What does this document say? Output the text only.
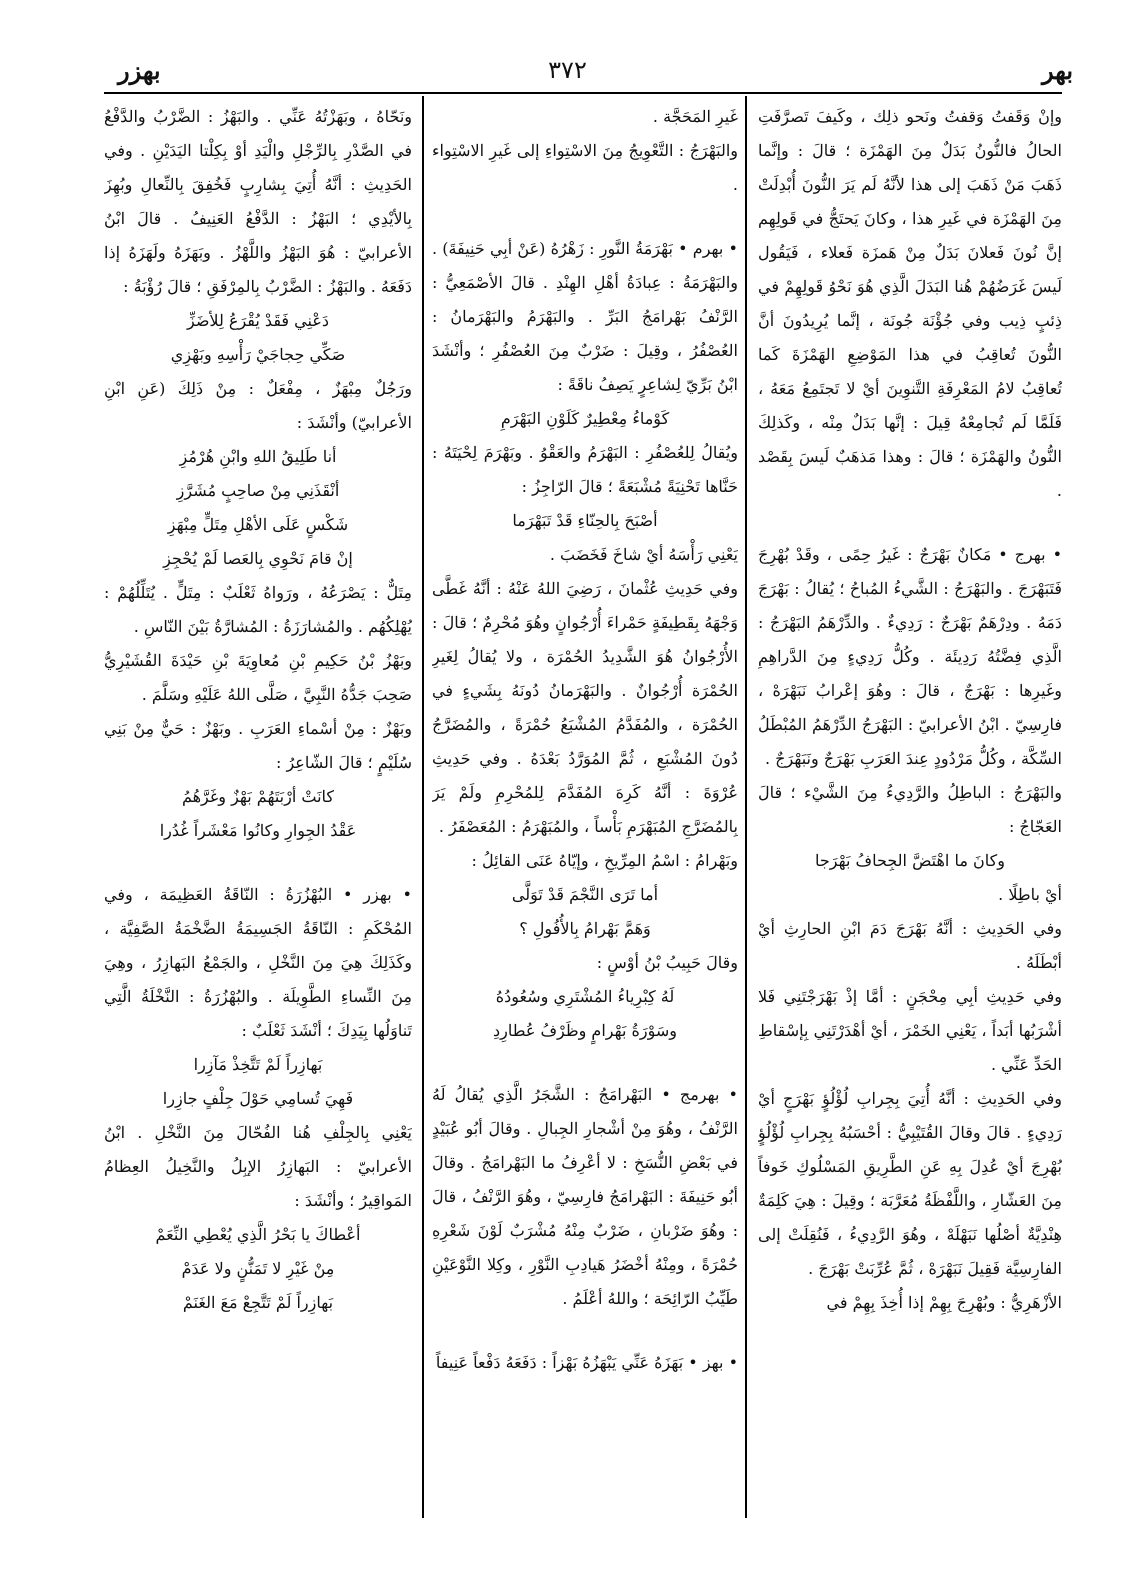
بهزر	٣٧٢	بهر

وإنْ وَقَفتُ وَقفتُ ونَحو ذلِك ، وكَيفَ تَصرَّفَتِ الحالُ فالنُّونُ بَدَلٌ مِنَ الهَمْزَة ؛ قالَ : وإنَّما ذَهَبَ مَنْ ذَهَبَ إلى هذا لأنَّهُ لَم يَرَ النُّونَ أُبْدِلَتْ مِنَ الهَمْزَة في غَيرِ هذا ، وكانَ يَحتَجُّ في قَولِهِم إنَّ نُونَ فَعلانَ بَدَلٌ مِنْ هَمزَة فَعلاء ، فَيَقُول لَيسَ غَرَضُهُمْ هُنا البَدَلَ الَّذِي هُوَ نَحْوُ قَولِهِمْ في ذِئبٍ ذِيب وفي جُؤْنَة جُونَة ، إنَّما يُرِيدُونَ أنَّ النُّونَ تُعاقِبُ في هذا المَوْضِعِ الهَمْزَةَ كَما تُعاقِبُ لامُ المَعْرِفَةِ التَّنوِينَ أيْ لا تَجتَمِعُ مَعَهُ ، فَلَمَّا لَم تُجامِعْهُ قِيلَ : إنَّها بَدَلٌ مِنْه ، وكَذلِكَ النُّونُ والهَمْزَة ؛ قالَ : وهذا مَذهَبٌ لَيسَ بِقَصْد .

• بهرج • مَكانٌ بَهْرَجٌ : غَيرُ حِمًى ، وقَدْ بُهْرِجَ فَتَبَهْرَجَ . والبَهْرَجُ : الشَّيءُ المُباحُ ؛ يُقالُ : بَهْرَجَ دَمَهُ . ودِرْهَمٌ بَهْرَجٌ : رَدِيءٌ . والدِّرْهَمُ البَهْرَجُ : الَّذِي فِضَّتُهُ رَدِيئَة . وكُلُّ رَدِيءٍ مِنَ الدَّراهِمِ وغَيرِها : بَهْرَجٌ ، قالَ : وهُوَ إعْرابُ نَبَهْرَهْ ، فارِسِيّ . ابْنُ الأعرابيّ : البَهْرَجُ الدِّرْهَمُ المُبْطَلُ السِّكَّة ، وكُلُّ مَرْدُودٍ عِندَ العَرَبِ بَهْرَجٌ ونَبَهْرَجٌ .

والبَهْرَجُ : الباطِلُ والرَّدِيءُ مِنَ الشَّيْء ؛ قالَ العَجّاجُ :

وكانَ ما اهْتَضَّ الجِحافُ بَهْرَجا

أيْ باطِلًا .

وفي الحَدِيثِ : أنَّهُ بَهْرَجَ دَمَ ابْنِ الحارِثِ أيْ أبْطَلَهُ .

وفي حَدِيثِ أبِي مِحْجَنٍ : أمَّا إذْ بَهْرَجْتَنِي فَلا أشْرَبُها أبَداً ، يَعْنِي الخَمْرَ ، أيْ أهْدَرْتَنِي بِإسْقاطِ الحَدِّ عَنِّي .

وفي الحَدِيثِ : أنَّهُ أُتِيَ بِجِرابِ لُؤْلُؤٍ بَهْرَجٍ أيْ رَدِيءٍ . قالَ وقالَ القُتَيْبِيُّ : أحْسَبُهُ بِجِرابِ لُؤْلُؤٍ بُهْرِجَ أيْ عُدِلَ بِهِ عَنِ الطَّرِيقِ المَسْلُوكِ خَوفاً مِنَ العَشّارِ ، واللَّفْظَةُ مُعَرَّبَة ؛ وقِيلَ : هِيَ كَلِمَةٌ هِنْدِيَّةٌ أصْلُها نَبَهْلَهْ ، وهُوَ الرَّدِيءُ ، فَنُقِلَتْ إلى الفارِسِيَّة فَقِيلَ نَبَهْرَهْ ، ثُمَّ عُرِّبَتْ بَهْرَجَ .

الأزْهَرِيُّ : وبُهْرِجَ بِهِمْ إذا أُخِذَ بِهِمْ في

غَيرِ المَحَجَّة .

والبَهْرَجُ : التَّعْوِيجُ مِنَ الاسْتِواءِ إلى غَيرِ الاسْتِواء .

• بهرم • بَهْرَمَةُ النَّورِ : زَهْرُهُ (عَنْ أبِي حَنِيفَةَ) . والبَهْرَمَةُ : عِبادَةُ أهْلِ الهِنْدِ . قالَ الأصْمَعِيُّ : الرَّنْفُ بَهْرامَجُ البَرِّ . والبَهْرَمُ والبَهْرَمانُ : العُصْفُرُ ، وقِيلَ : ضَرْبٌ مِنَ العُصْفُرِ ؛ وأنْشَدَ ابْنُ بَرِّيّ لِشاعِرٍ يَصِفُ ناقَةً :

كَوْماءُ مِعْطِيرٌ كَلَوْنِ البَهْرَمِ

ويُقالُ لِلعُصْفُرِ : البَهْرَمُ والعَقْوُ . وبَهْرَمَ لِحْيَتَهُ : حَنَّاها تَحْنِيَةً مُشْبَعَةً ؛ قالَ الرّاجِزُ :

أصْبَحَ بِالحِنّاءِ قَدْ تَبَهْرَما

يَعْنِي رَأْسَهُ أيْ شاخَ فَخَضَبَ .

وفي حَدِيثِ عُثْمانَ ، رَضِيَ اللهُ عَنْهُ : أنَّهُ غَطَّى وَجْهَهُ بِقَطِيفَةٍ حَمْراءَ أُرْجُوانٍ وهُوَ مُحْرِمٌ ؛ قالَ : الأُرْجُوانُ هُوَ الشَّدِيدُ الحُمْرَة ، ولا يُقالُ لِغَيرِ الحُمْرَة أُرْجُوانٌ . والبَهْرَمانُ دُونَهُ بِشَيءٍ في الحُمْرَة ، والمُفَدَّمُ المُشْبَعُ حُمْرَةً ، والمُضَرَّجُ دُونَ المُشْبَعِ ، ثُمَّ المُوَرَّدُ بَعْدَهُ . وفي حَدِيثِ عُرْوَةَ : أنَّهُ كَرِهَ المُفَدَّمَ لِلمُحْرِمِ ولَمْ يَرَ بِالمُضَرَّجِ المُبَهْرَمِ بَأْساً ، والمُبَهْرَمُ : المُعَصْفَرُ .

وبَهْرامُ : اسْمُ المِرِّيخِ ، وإيّاهُ عَنَى القائِلُ :

أما تَرَى النَّجْمَ قَدْ تَوَلَّى
وَهَمَّ بَهْرامُ بِالأُفُولِ ؟

وقالَ حَبِيبُ بْنُ أوْسٍ :

لَهُ كِبْرِياءُ المُشْتَرِي وسُعُودُهُ
وسَوْرَةُ بَهْرامٍ وظَرْفُ عُطارِدِ

• بهرمج • البَهْرامَجُ : الشَّجَرُ الَّذِي يُقالُ لَهُ الرَّنْفُ ، وهُوَ مِنْ أشْجارِ الجِبالِ . وقالَ أبُو عُبَيْدٍ في بَعْضِ النُّسَخِ : لا أعْرِفُ ما البَهْرامَجُ . وقالَ أبُو حَنِيفَةَ : البَهْرامَجُ فارِسِيّ ، وهُوَ الرَّنْفُ ، قالَ : وهُوَ ضَرْبانِ ، ضَرْبٌ مِنْهُ مُشْرَبٌ لَوْنَ شَعْرِهِ حُمْرَةً ، ومِنْهُ أخْضَرُ هَيادِبِ النَّوْرِ ، وكِلا النَّوْعَيْنِ طَيِّبُ الرّائِحَة ؛ واللهُ أعْلَمُ .

• بهز • بَهَزَهُ عَنِّي يَبْهَزُهُ بَهْزاً : دَفَعَهُ دَفْعاً عَنِيفاً

ونَحّاهُ ، وبَهَزْتُهُ عَنِّي . والبَهْزُ : الضَّرْبُ والدَّفْعُ في الصَّدْرِ بِالرِّجْلِ والْيَدِ أوْ بِكِلْتا اليَدَيْنِ . وفي الحَدِيثِ : أنَّهُ أُتِيَ بِشارِبٍ فَخُفِقَ بِالنِّعالِ وبُهِزَ بِالأيْدِي ؛ البَهْزُ : الدَّفْعُ العَنِيفُ . قالَ ابْنُ الأعرابيّ : هُوَ البَهْزُ واللَّهْزُ . وبَهَزَهُ ولَهَزَهُ إذا دَفَعَهُ . والبَهْزُ : الضَّرْبُ بِالمِرْفَقِ ؛ قالَ رُؤْبَةُ :

دَعْنِي فَقَدْ يُقْرَعُ لِلأضَزِّ
صَكِّي حِجاجَيْ رَأْسِهِ وبَهْزِي

ورَجُلٌ مِبْهَزٌ ، مِفْعَلٌ : مِنْ ذَلِكَ (عَنِ ابْنِ الأعرابيّ) وأنْشَدَ :

أنا طَلِيقُ اللهِ وابْنِ هُرْمُزِ
أنْقَذَنِي مِنْ صاحِبٍ مُشَرَّزِ
شَكْسٍ عَلَى الأهْلِ مِتَلٍّ مِبْهَزِ
إنْ قامَ نَحْوِي بِالعَصا لَمْ يُحْجِزِ

مِتَلٌّ : يَصْرَعُهُ ، ورَواهُ ثَعْلَبٌ : مِتَلٍّ . يُتَلِّلُهُمْ : يُهْلِكُهُم . والمُشارَزَةُ : المُشارَّةُ بَيْنَ النّاسِ .

وبَهْزُ بْنُ حَكِيمِ بْنِ مُعاوِيَةَ بْنِ حَيْدَةَ القُشَيْرِيُّ صَحِبَ جَدُّهُ النَّبِيَّ ، صَلَّى اللهُ عَلَيْهِ وسَلَّمَ .

وبَهْزٌ : مِنْ أسْماءِ العَرَبِ . وبَهْزٌ : حَيٌّ مِنْ بَنِي سُلَيْمٍ ؛ قالَ الشّاعِرُ :

كانَتْ أرْبَتَهُمْ بَهْزٌ وغَرَّهُمُ
عَقْدُ الجِوارِ وكانُوا مَعْشَراً غُدُرا

• بهزر • البُهْزُرَةُ : النّاقَةُ العَظِيمَة ، وفي المُحْكَمِ : النّاقَةُ الجَسِيمَةُ الضَّخْمَةُ الصَّفِيَّة ، وكَذَلِكَ هِيَ مِنَ النَّخْلِ ، والجَمْعُ البَهازِرُ ، وهِيَ مِنَ النِّساءِ الطَّوِيلَة . والبُهْزُرَةُ : النَّخْلَةُ الَّتِي تَناوَلُها بِيَدِكَ ؛ أنْشَدَ ثَعْلَبٌ :

بَهازِراً لَمْ تَتَّخِذْ مَآزِرا
فَهِيَ تُسامِي حَوْلَ جِلْفٍ جازِرا

يَعْنِي بِالجِلْفِ هُنا الفُحّالَ مِنَ النَّخْلِ . ابْنُ الأعرابيّ : البَهازِرُ الإبِلُ والنَّخِيلُ العِظامُ المَواقِيرُ ؛ وأنْشَدَ :

أعْطاكَ يا بَحْرُ الَّذِي يُعْطِي النِّعَمْ
مِنْ غَيْرِ لا تَمَنُّنٍ ولا عَدَمْ
بَهازِراً لَمْ تَتَّجِعْ مَعَ الغَنَمْ
